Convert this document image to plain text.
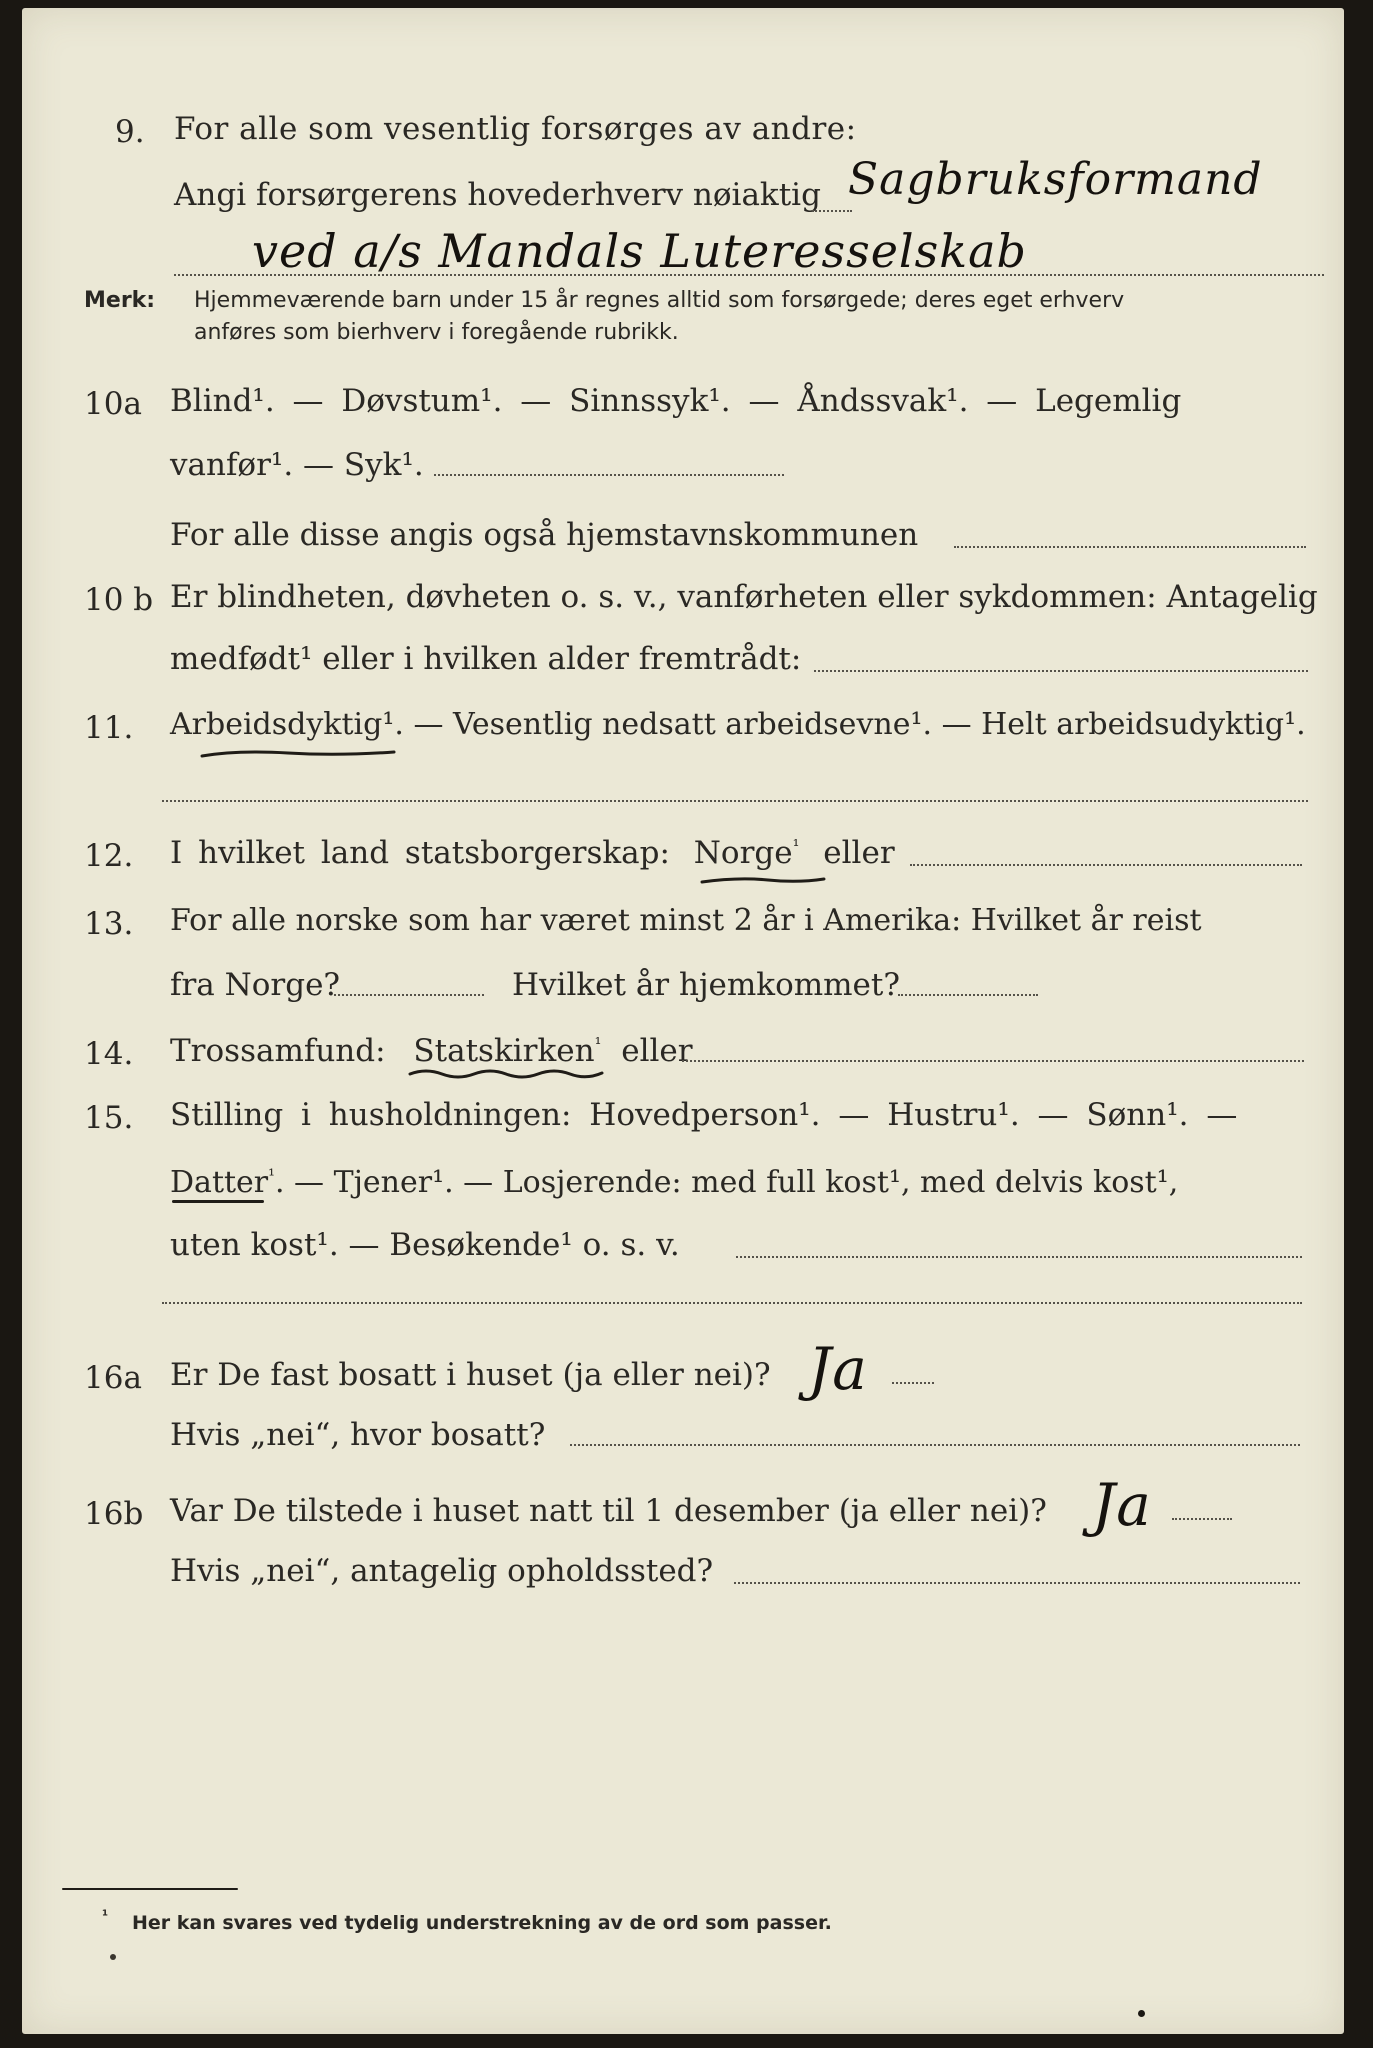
9. For alle som vesentlig forsørges av andre:
Angi forsørgerens hovederhverv nøiaktig Sagbruksformand
ved a/s Mandals Luteresselskab
Merk: Hjemmeværende barn under 15 år regnes alltid som forsørgede; deres eget erhverv
anføres som bierhverv i foregående rubrikk.
10a Blind¹. — Døvstum¹. — Sinnssyk¹. — Åndssvak¹. — Legemlig
vanfør¹. — Syk¹.
For alle disse angis også hjemstavnskommunen
10 b Er blindheten, døvheten o. s. v., vanførheten eller sykdommen: Antagelig
medfødt¹ eller i hvilken alder fremtrådt:
11. Arbeidsdyktig¹. — Vesentlig nedsatt arbeidsevne¹. — Helt arbeidsudyktig¹.
12. I hvilket land statsborgerskap: Norge$^{^1}$ eller
13. For alle norske som har været minst 2 år i Amerika: Hvilket år reist
fra Norge?	Hvilket år hjemkommet?
14. Trossamfund: Statskirken$^{^1}$ eller
15. Stilling i husholdningen: Hovedperson¹. — Hustru¹. — Sønn¹. —
Datter$^{^1}$. — Tjener¹. — Losjerende: med full kost¹, med delvis kost¹,
uten kost¹. — Besøkende¹ o. s. v.
16a Er De fast bosatt i huset (ja eller nei)? Ja
Hvis „nei“, hvor bosatt?
16b Var De tilstede i huset natt til 1 desember (ja eller nei)? Ja
Hvis „nei“, antagelig opholdssted?
¹ Her kan svares ved tydelig understrekning av de ord som passer.
